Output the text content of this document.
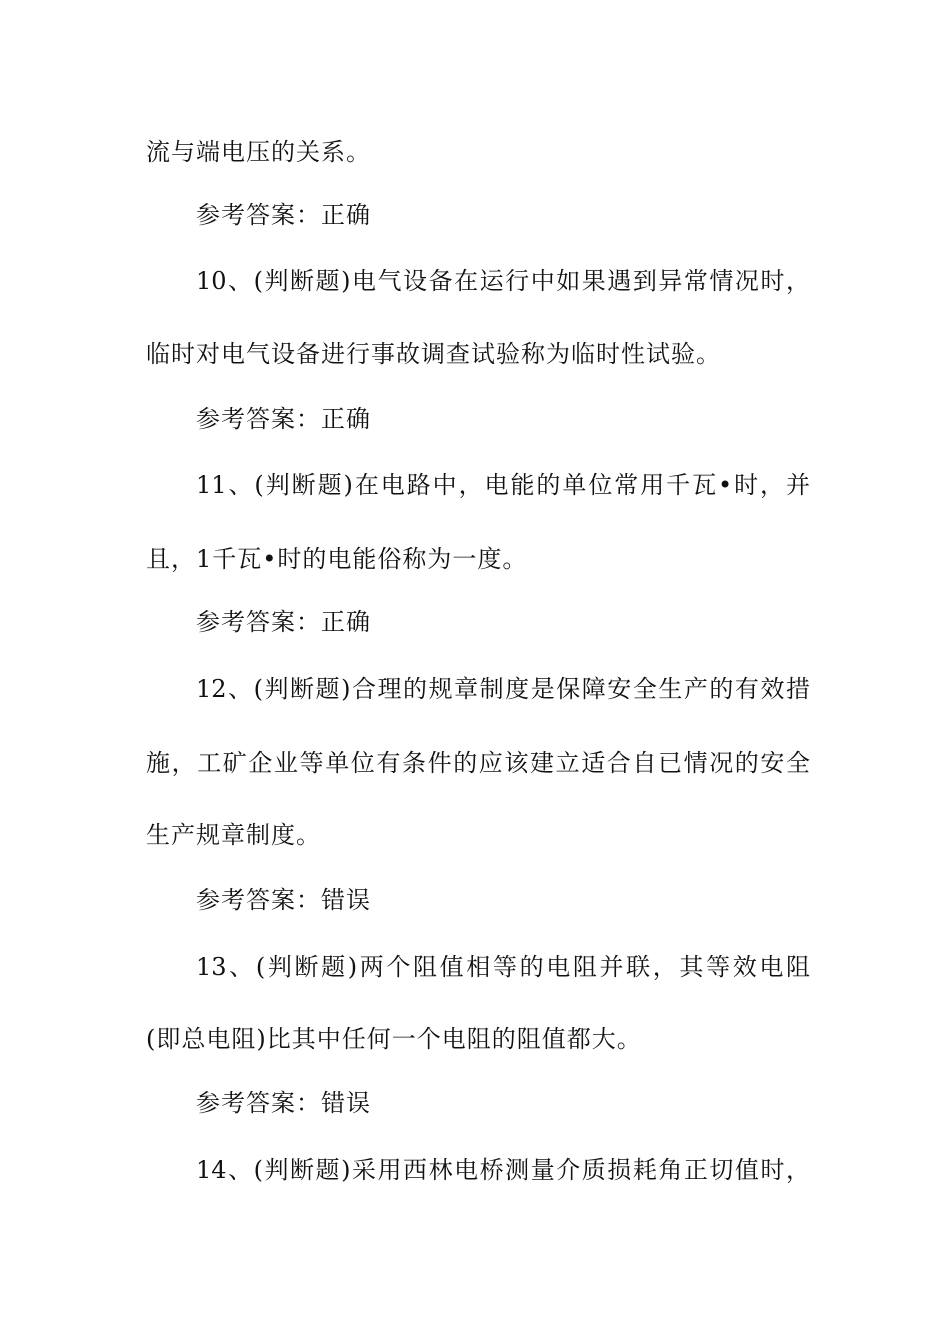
流与端电压的关系。
参考答案：正确
10、(判断题)电气设备在运行中如果遇到异常情况时，
临时对电气设备进行事故调查试验称为临时性试验。
参考答案：正确
11、(判断题)在电路中，电能的单位常用千瓦•时，并
且，1千瓦•时的电能俗称为一度。
参考答案：正确
12、(判断题)合理的规章制度是保障安全生产的有效措
施，工矿企业等单位有条件的应该建立适合自已情况的安全
生产规章制度。
参考答案：错误
13、(判断题)两个阻值相等的电阻并联，其等效电阻
(即总电阻)比其中任何一个电阻的阻值都大。
参考答案：错误
14、(判断题)采用西林电桥测量介质损耗角正切值时，
